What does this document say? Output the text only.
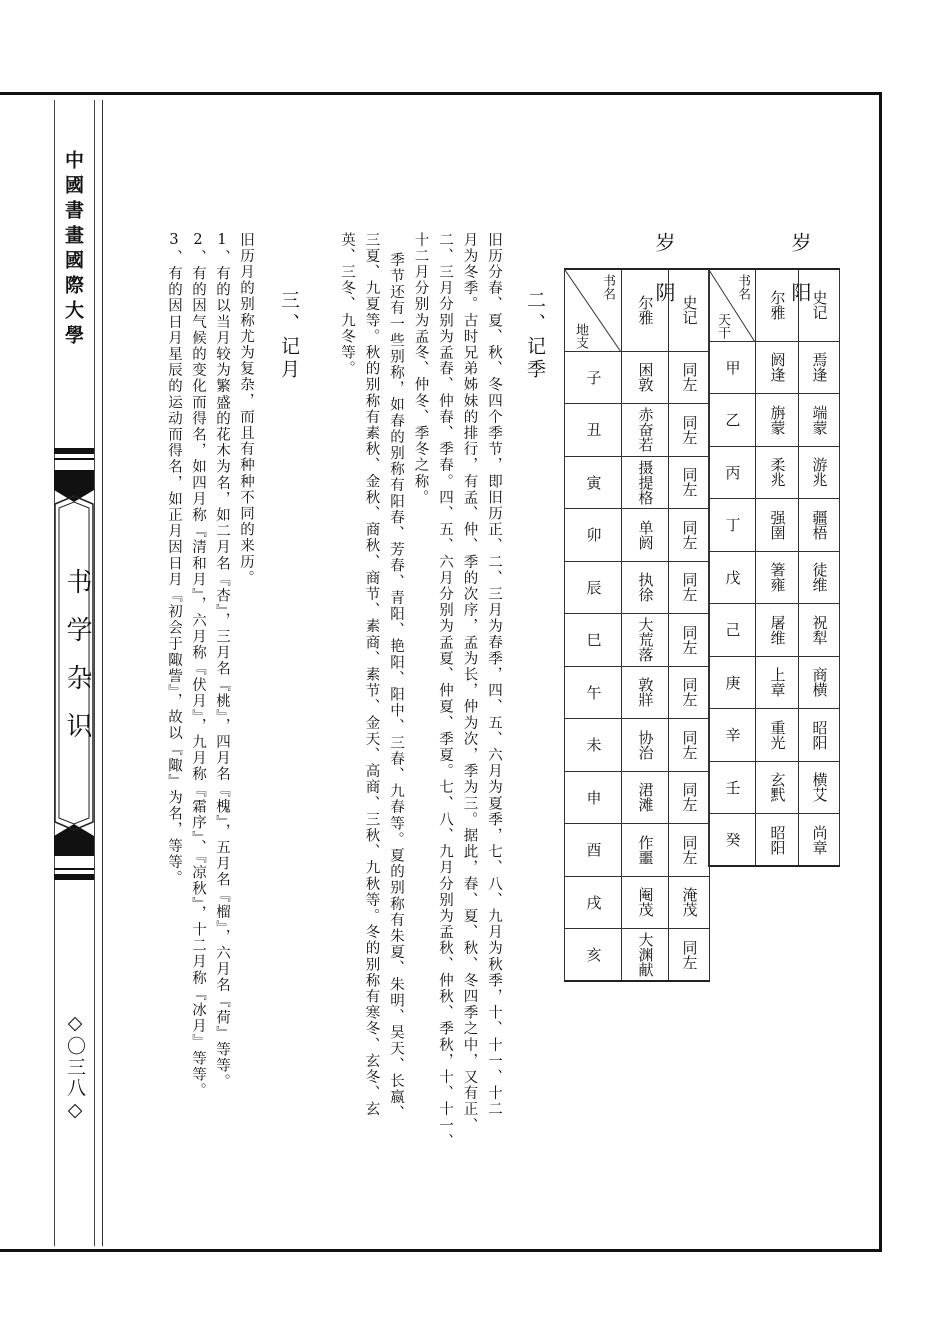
中國書畫國際大學
书学杂识
◇〇三八◇
岁阳
岁阴	书名
天干	尔雅	史记
甲	阏逢	焉逢
乙	旃蒙	端蒙
丙	柔兆	游兆
丁	强圉	疆梧
戊	箸雍	徒维
己	屠维	祝犁
庚	上章	商横
辛	重光	昭阳
壬	玄黓	横艾
癸	昭阳	尚章
书名
地支	尔雅	史记
子	困敦	同左
丑	赤奋若	同左
寅	摄提格	同左
卯	单阏	同左
辰	执徐	同左
巳	大荒落	同左
午	敦牂	同左
未	协治	同左
申	涒滩	同左
酉	作噩	同左
戌	阉茂	淹茂
亥	大渊献	同左
二、记季
旧历分春、夏、秋、冬四个季节，即旧历正、二、三月为春季，四、五、六月为夏季，七、八、九月为秋季，十、十一、十二
月为冬季。古时兄弟姊妹的排行，有孟、仲、季的次序，孟为长，仲为次，季为三。据此，春、夏、秋、冬四季之中，又有正、
二、三月分别为孟春、仲春、季春。四、五、六月分别为孟夏、仲夏、季夏。七、八、九月分别为孟秋、仲秋、季秋，十、十一、
十二月分别为孟冬、仲冬、季冬之称。
季节还有一些别称，如春的别称有阳春、芳春、青阳、艳阳、阳中、三春、九春等。夏的别称有朱夏、朱明、昊天、长嬴、
三夏、九夏等。秋的别称有素秋、金秋、商秋、商节、素商、素节、金天、高商、三秋、九秋等。冬的别称有寒冬、玄冬、玄
英、三冬、九冬等。
三、记月
旧历月的别称尤为复杂，而且有种种不同的来历。
1、有的以当月较为繁盛的花木为名，如二月名『杏』，三月名『桃』，四月名『槐』，五月名『榴』，六月名『荷』等等。
2、有的因气候的变化而得名，如四月称『清和月』，六月称『伏月』，九月称『霜序』、『凉秋』，十二月称『冰月』等等。
3、有的因日月星辰的运动而得名，如正月因日月『初会于陬訾』，故以『陬』为名，等等。
